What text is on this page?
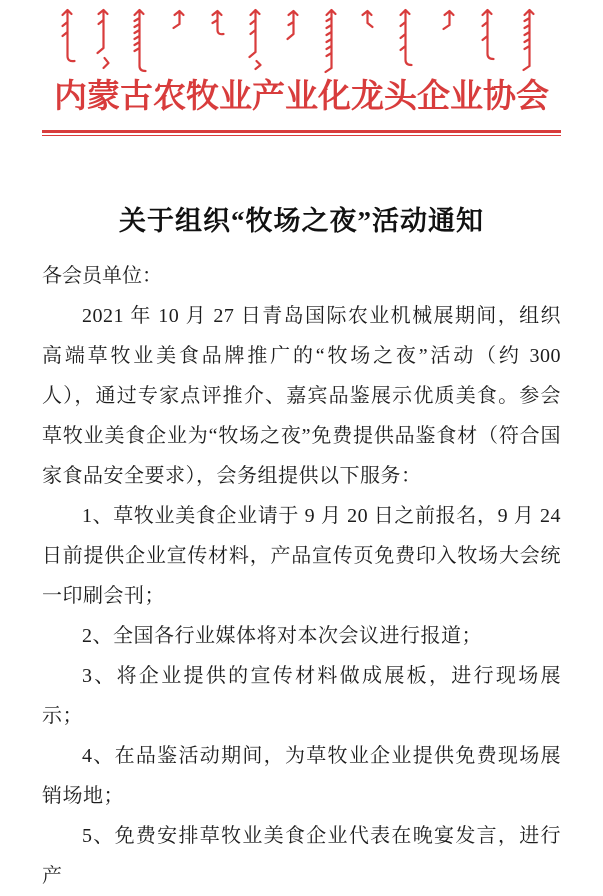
内蒙古农牧业产业化龙头企业协会
关于组织“牧场之夜”活动通知

各会员单位：

2021 年 10 月 27 日青岛国际农业机械展期间，组织高端草牧业美食品牌推广的“牧场之夜”活动（约 300 人），通过专家点评推介、嘉宾品鉴展示优质美食。参会草牧业美食企业为“牧场之夜”免费提供品鉴食材（符合国家食品安全要求），会务组提供以下服务：

1、草牧业美食企业请于 9 月 20 日之前报名，9 月 24 日前提供企业宣传材料，产品宣传页免费印入牧场大会统一印刷会刊；

2、全国各行业媒体将对本次会议进行报道；

3、将企业提供的宣传材料做成展板，进行现场展示；

4、在品鉴活动期间，为草牧业企业提供免费现场展销场地；

5、免费安排草牧业美食企业代表在晚宴发言，进行产
